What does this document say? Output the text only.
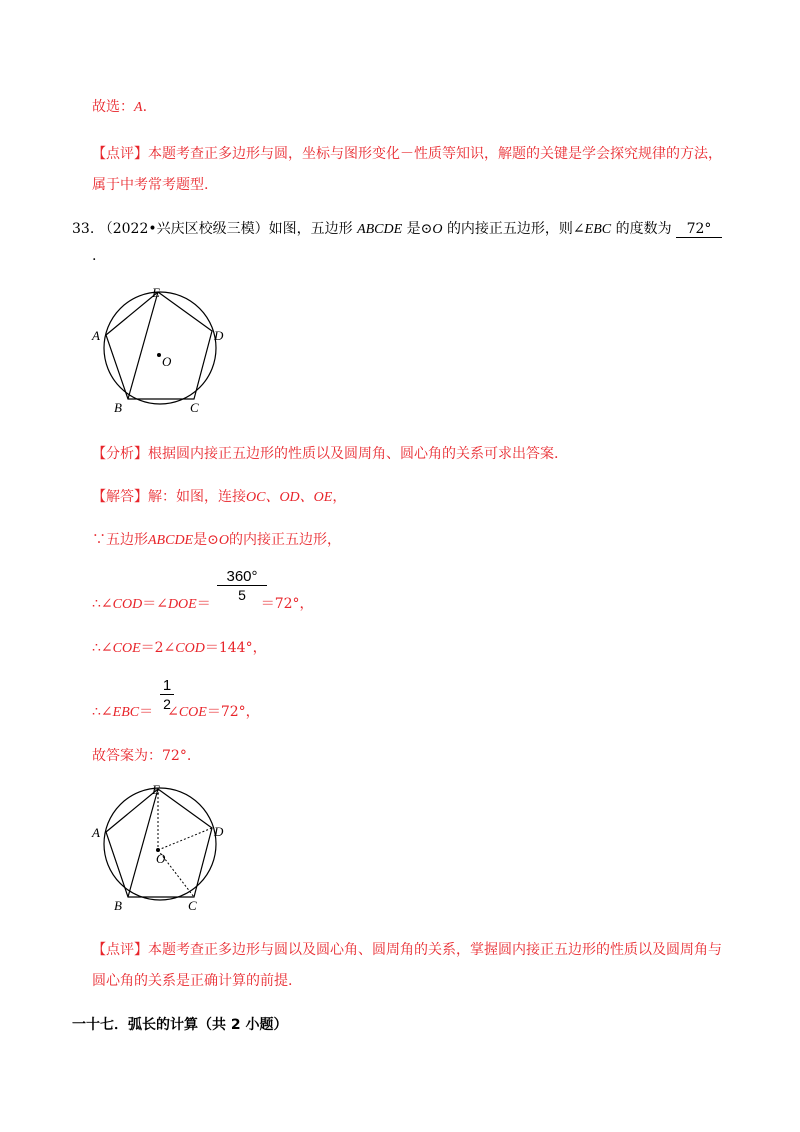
故选：A.
【点评】本题考查正多边形与圆，坐标与图形变化－性质等知识，解题的关键是学会探究规律的方法，
属于中考常考题型.
33. （2022•兴庆区校级三模）如图，五边形 ABCDE 是⊙O 的内接正五边形，则∠EBC 的度数为 72°
.
E
A	D
B	C
O
【分析】根据圆内接正五边形的性质以及圆周角、圆心角的关系可求出答案.
【解答】解：如图，连接OC、OD、OE，
∵五边形ABCDE是⊙O的内接正五边形，
∴∠COD＝∠DOE＝	＝72°，
$\frac{360^\circ}{5}$
∴∠COE＝2∠COD＝144°，
∴∠EBC＝ ∠COE＝72°，
$\frac{1}{2}$
故答案为：72°.
E
A	D
B	C
O
【点评】本题考查正多边形与圆以及圆心角、圆周角的关系，掌握圆内接正五边形的性质以及圆周角与
圆心角的关系是正确计算的前提.
一十七．弧长的计算（共 2 小题）
